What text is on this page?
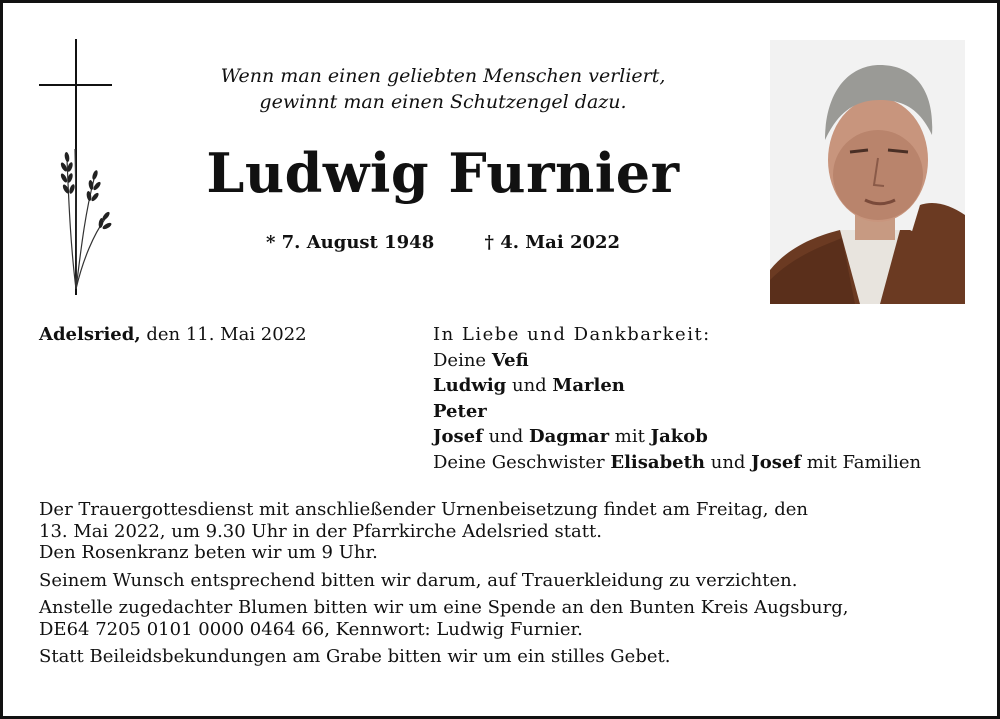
Wenn man einen geliebten Menschen verliert,
gewinnt man einen Schutzengel dazu.
Ludwig Furnier
* 7. August 1948	† 4. Mai 2022
Adelsried, den 11. Mai 2022	In Liebe und Dankbarkeit:
Deine Vefi
Ludwig und Marlen
Peter
Josef und Dagmar mit Jakob
Deine Geschwister Elisabeth und Josef mit Familien

Der Trauergottesdienst mit anschließender Urnenbeisetzung findet am Freitag, den
13. Mai 2022, um 9.30 Uhr in der Pfarrkirche Adelsried statt.
Den Rosenkranz beten wir um 9 Uhr.

Seinem Wunsch entsprechend bitten wir darum, auf Trauerkleidung zu verzichten.

Anstelle zugedachter Blumen bitten wir um eine Spende an den Bunten Kreis Augsburg,
DE64 7205 0101 0000 0464 66, Kennwort: Ludwig Furnier.

Statt Beileidsbekundungen am Grabe bitten wir um ein stilles Gebet.
